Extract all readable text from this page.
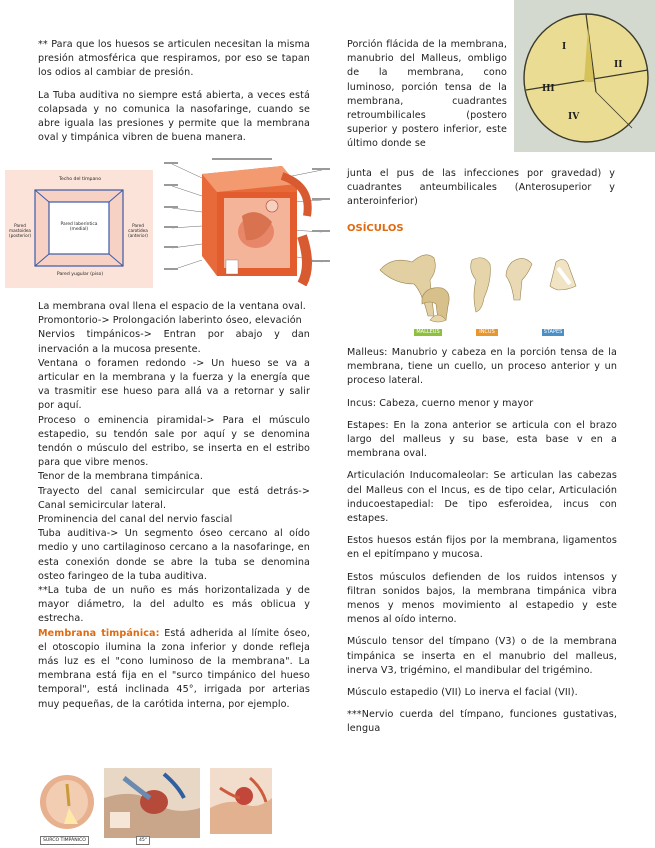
** Para que los huesos se articulen necesitan la misma presión atmosférica que respiramos, por eso se tapan los odios al cambiar de presión.

La Tuba auditiva no siempre está abierta, a veces está colapsada y no comunica la nasofaringe, cuando se abre iguala las presiones y permite que la membrana oval y timpánica vibren de buena manera.

Techo del tímpano
Pared mastoidea (posterior)
Pared laberíntica (medial)
Pared carotidea (anterior)
Pared yugular (piso)

La membrana oval llena el espacio de la ventana oval.

Promontorio-> Prolongación laberinto óseo, elevación

Nervios timpánicos-> Entran por abajo y dan inervación a la mucosa presente.

Ventana o foramen redondo -> Un hueso se va a articular en la membrana y la fuerza y la energía que va trasmitir ese hueso para allá va a retornar y salir por aquí.

Proceso o eminencia piramidal-> Para el músculo estapedio, su tendón sale por aquí y se denomina tendón o músculo del estribo, se inserta en el estribo para que vibre menos.

Tenor de la membrana timpánica.

Trayecto del canal semicircular que está detrás-> Canal semicircular lateral.

Prominencia del canal del nervio fascial

Tuba auditiva-> Un segmento óseo cercano al oído medio y uno cartilaginoso cercano a la nasofaringe, en esta conexión donde se abre la tuba se denomina osteo faringeo de la tuba auditiva.

**La tuba de un nuño es más horizontalizada y de mayor diámetro, la del adulto es más oblicua y estrecha.

Membrana timpánica: Está adherida al límite óseo, el otoscopio ilumina la zona inferior y donde refleja más luz es el "cono luminoso de la membrana". La membrana está fija en el "surco timpánico del hueso temporal", está inclinada 45°, irrigada por arterias muy pequeñas, de la carótida interna, por ejemplo.

SURCO TIMPÁNICO	45°
I
II
III
IV

Porción flácida de la membrana, manubrio del Malleus, ombligo de la membrana, cono luminoso, porción tensa de la membrana, cuadrantes retroumbilicales (postero superior y postero inferior, este último donde se

junta el pus de las infecciones por gravedad) y cuadrantes anteumbilicales (Anterosuperior y anteroinferior)

OSÍCULOS
MALLEUS	INCUS	STAPES

Malleus: Manubrio y cabeza en la porción tensa de la membrana, tiene un cuello, un proceso anterior y un proceso lateral.

Incus: Cabeza, cuerno menor y mayor

Estapes: En la zona anterior se articula con el brazo largo del malleus y su base, esta base v en a membrana oval.

Articulación Inducomaleolar: Se articulan las cabezas del Malleus con el Incus, es de tipo celar, Articulación inducoestapedial: De tipo esferoidea, incus con estapes.

Estos huesos están fijos por la membrana, ligamentos en el epitímpano y mucosa.

Estos músculos defienden de los ruidos intensos y filtran sonidos bajos, la membrana timpánica vibra menos y menos movimiento al estapedio y este menos al oído interno.

Músculo tensor del tímpano (V3) o de la membrana timpánica se inserta en el manubrio del malleus, inerva V3, trigémino, el mandibular del trigémino.

Músculo estapedio (VII) Lo inerva el facial (VII).

***Nervio cuerda del tímpano, funciones gustativas, lengua
